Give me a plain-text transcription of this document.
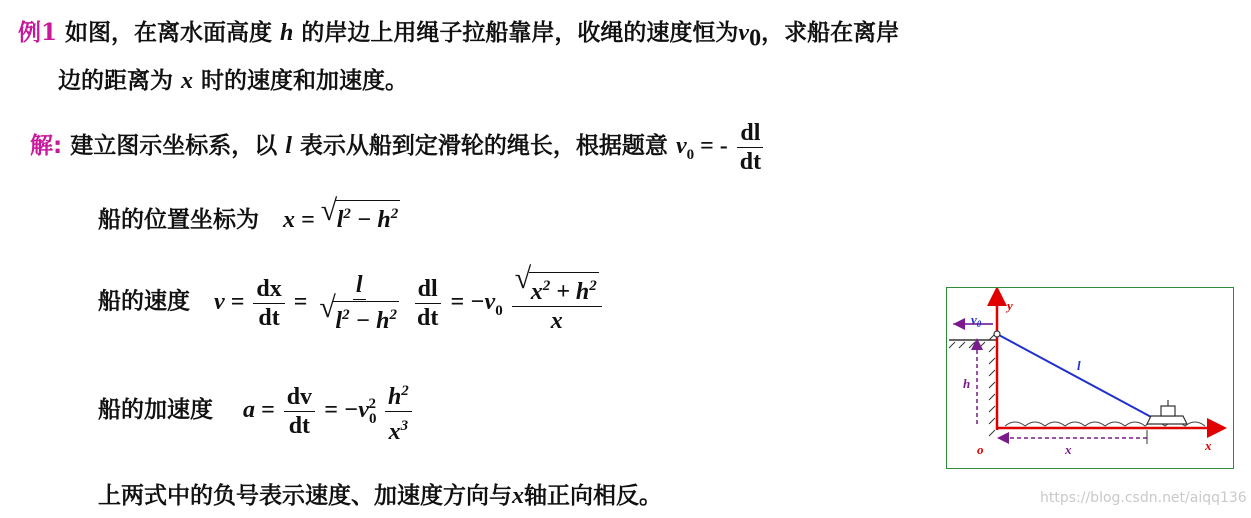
例1 如图，在离水面高度 h 的岸边上用绳子拉船靠岸，收绳的速度恒为$v_0$，求船在离岸
边的距离为 x 时的速度和加速度。
解: 建立图示坐标系，以 l 表示从船到定滑轮的绳长，根据题意 $v_0$ = - $\frac{dl}{dt}$
船的位置坐标为 x = √ $l^2 - h^2$
船的速度 $v = \frac{dx}{dt} = \frac{l}{√ l^2 - h^2}$
$\frac{dl}{dt} = -v_0 \frac{√ x^2 + h^2}{x}$
船的加速度 $a = \frac{dv}{dt} = -v_0^2 \frac{h^2}{x^3}$
上两式中的负号表示速度、加速度方向与x轴正向相反。
$v_0$
y
x
h
l
x
o
https://blog.csdn.net/aiqq136
